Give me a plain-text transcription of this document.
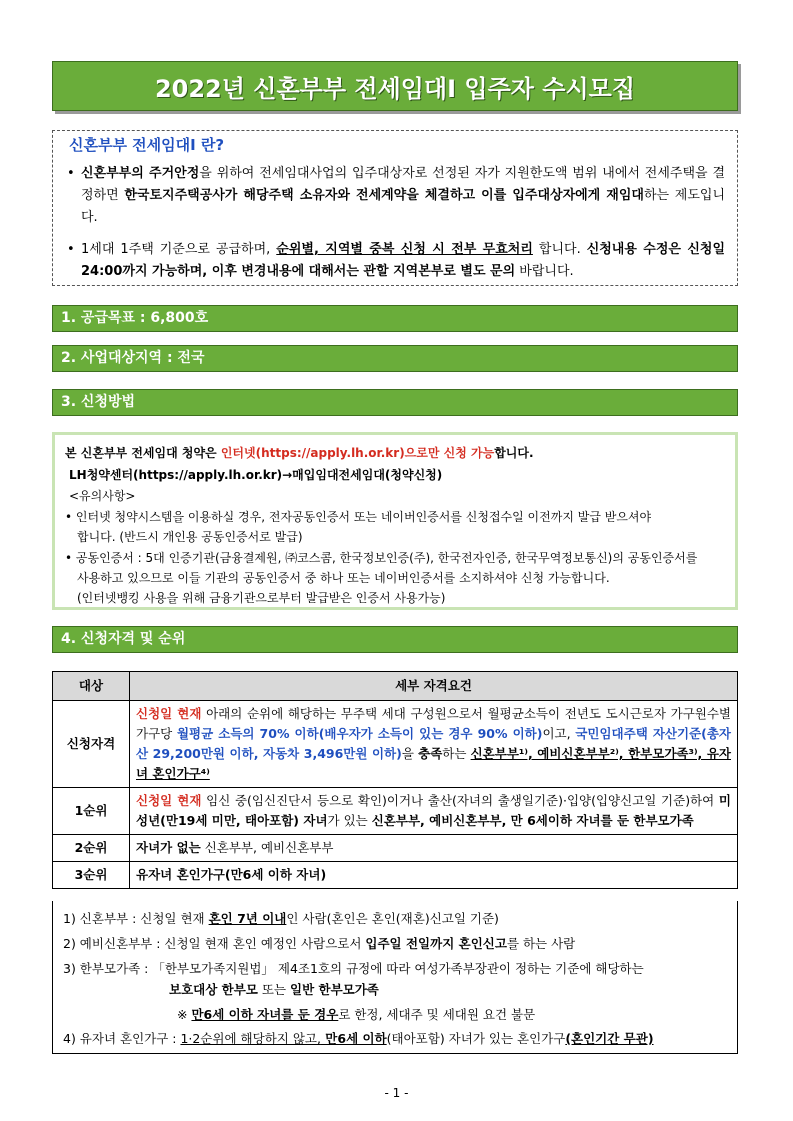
2022년 신혼부부 전세임대Ⅰ 입주자 수시모집
신혼부부 전세임대Ⅰ 란?
• 신혼부부의 주거안정을 위하여 전세임대사업의 입주대상자로 선정된 자가 지원한도액 범위 내에서 전세주택을 결정하면 한국토지주택공사가 해당주택 소유자와 전세계약을 체결하고 이를 입주대상자에게 재임대하는 제도입니다.
• 1세대 1주택 기준으로 공급하며, 순위별, 지역별 중복 신청 시 전부 무효처리 합니다. 신청내용 수정은 신청일 24:00까지 가능하며, 이후 변경내용에 대해서는 관할 지역본부로 별도 문의 바랍니다.
1. 공급목표 : 6,800호
2. 사업대상지역 : 전국
3. 신청방법
본 신혼부부 전세임대 청약은 인터넷(https://apply.lh.or.kr)으로만 신청 가능합니다.
LH청약센터(https://apply.lh.or.kr)→매입임대전세임대(청약신청)
<유의사항>
• 인터넷 청약시스템을 이용하실 경우, 전자공동인증서 또는 네이버인증서를 신청접수일 이전까지 발급 받으셔야
합니다. (반드시 개인용 공동인증서로 발급)
• 공동인증서 : 5대 인증기관(금융결제원, ㈜코스콤, 한국정보인증(주), 한국전자인증, 한국무역정보통신)의 공동인증서를
사용하고 있으므로 이들 기관의 공동인증서 중 하나 또는 네이버인증서를 소지하셔야 신청 가능합니다.
(인터넷뱅킹 사용을 위해 금융기관으로부터 발급받은 인증서 사용가능)
4. 신청자격 및 순위
대상	세부 자격요건
신청자격	신청일 현재 아래의 순위에 해당하는 무주택 세대 구성원으로서 월평균소득이 전년도 도시근로자 가구원수별 가구당 월평균 소득의 70% 이하(배우자가 소득이 있는 경우 90% 이하)이고, 국민임대주택 자산기준(총자산 29,200만원 이하, 자동차 3,496만원 이하)을 충족하는 신혼부부¹⁾, 예비신혼부부²⁾, 한부모가족³⁾, 유자녀 혼인가구⁴⁾
1순위	신청일 현재 임신 중(임신진단서 등으로 확인)이거나 출산(자녀의 출생일기준)·입양(입양신고일 기준)하여 미성년(만19세 미만, 태아포함) 자녀가 있는 신혼부부, 예비신혼부부, 만 6세이하 자녀를 둔 한부모가족
2순위	자녀가 없는 신혼부부, 예비신혼부부
3순위	유자녀 혼인가구(만6세 이하 자녀)
1) 신혼부부 : 신청일 현재 혼인 7년 이내인 사람(혼인은 혼인(재혼)신고일 기준)
2) 예비신혼부부 : 신청일 현재 혼인 예정인 사람으로서 입주일 전일까지 혼인신고를 하는 사람
3) 한부모가족 : 「한부모가족지원법」 제4조1호의 규정에 따라 여성가족부장관이 정하는 기준에 해당하는
보호대상 한부모 또는 일반 한부모가족
※ 만6세 이하 자녀를 둔 경우로 한정, 세대주 및 세대원 요건 불문
4) 유자녀 혼인가구 : 1·2순위에 해당하지 않고, 만6세 이하(태아포함) 자녀가 있는 혼인가구(혼인기간 무관)
- 1 -
